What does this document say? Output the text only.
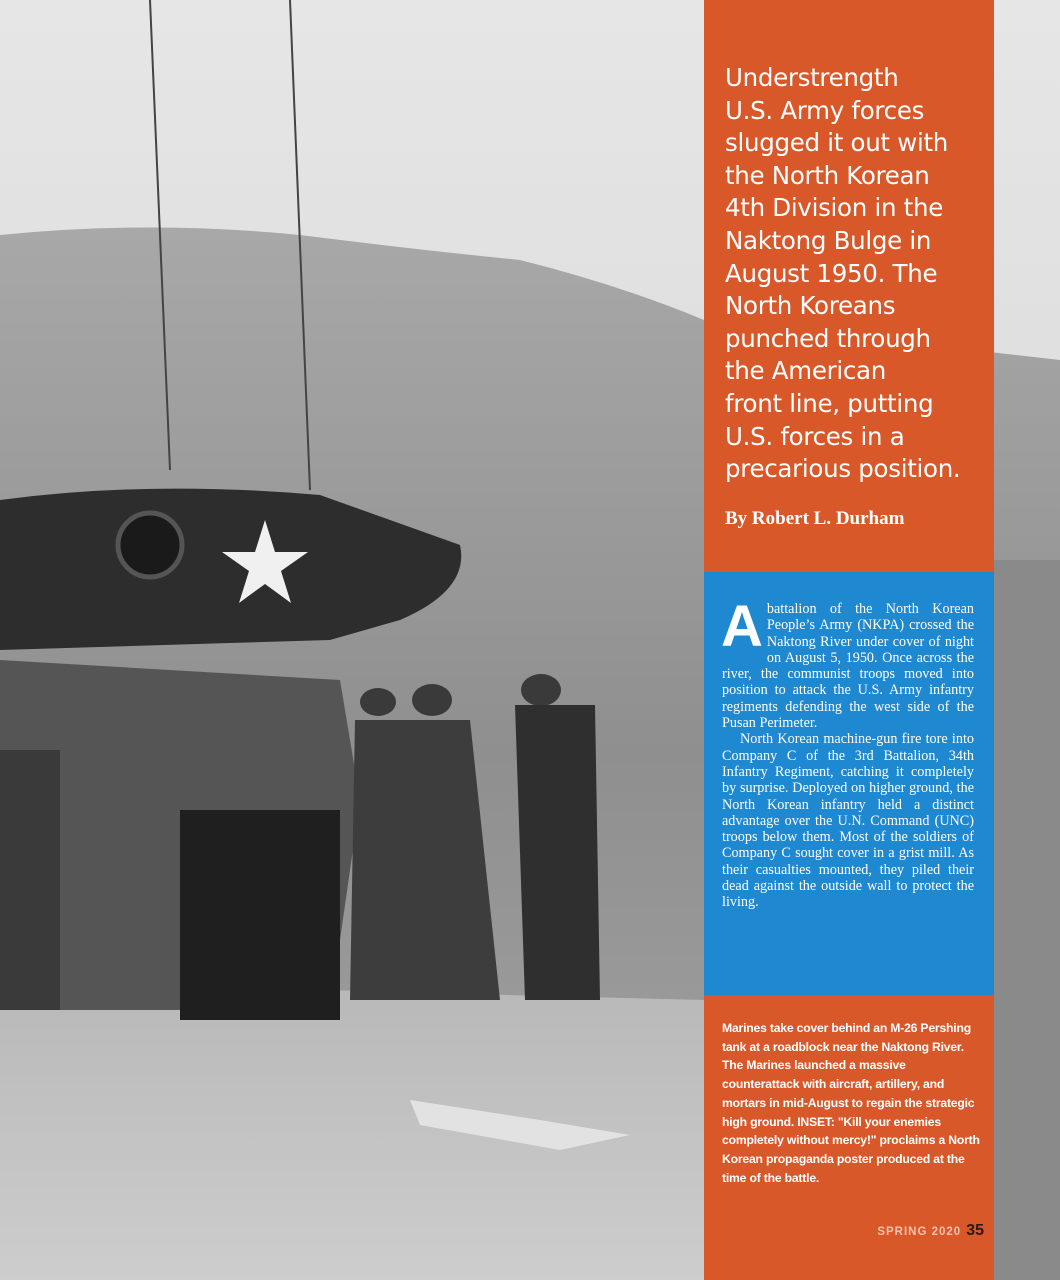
Understrength
U.S. Army forces
slugged it out with
the North Korean
4th Division in the
Naktong Bulge in
August 1950. The
North Koreans
punched through
the American
front line, putting
U.S. forces in a
precarious position.
By Robert L. Durham

Abattalion of the North Korean People’s Army (NKPA) crossed the Naktong River under cover of night on August 5, 1950. Once across the river, the communist troops moved into position to attack the U.S. Army infantry regiments defending the west side of the Pusan Perimeter.

North Korean machine-gun fire tore into Company C of the 3rd Battalion, 34th Infantry Regiment, catching it completely by surprise. Deployed on higher ground, the North Korean infantry held a distinct advantage over the U.N. Command (UNC) troops below them. Most of the soldiers of Company C sought cover in a grist mill. As their casualties mounted, they piled their dead against the outside wall to protect the living.

Marines take cover behind an M-26 Pershing tank at a roadblock near the Naktong River. The Marines launched a massive counterattack with aircraft, artillery, and mortars in mid-August to regain the strategic high ground. INSET: "Kill your enemies completely without mercy!" proclaims a North Korean propaganda poster produced at the time of the battle.
SPRING 2020 35
